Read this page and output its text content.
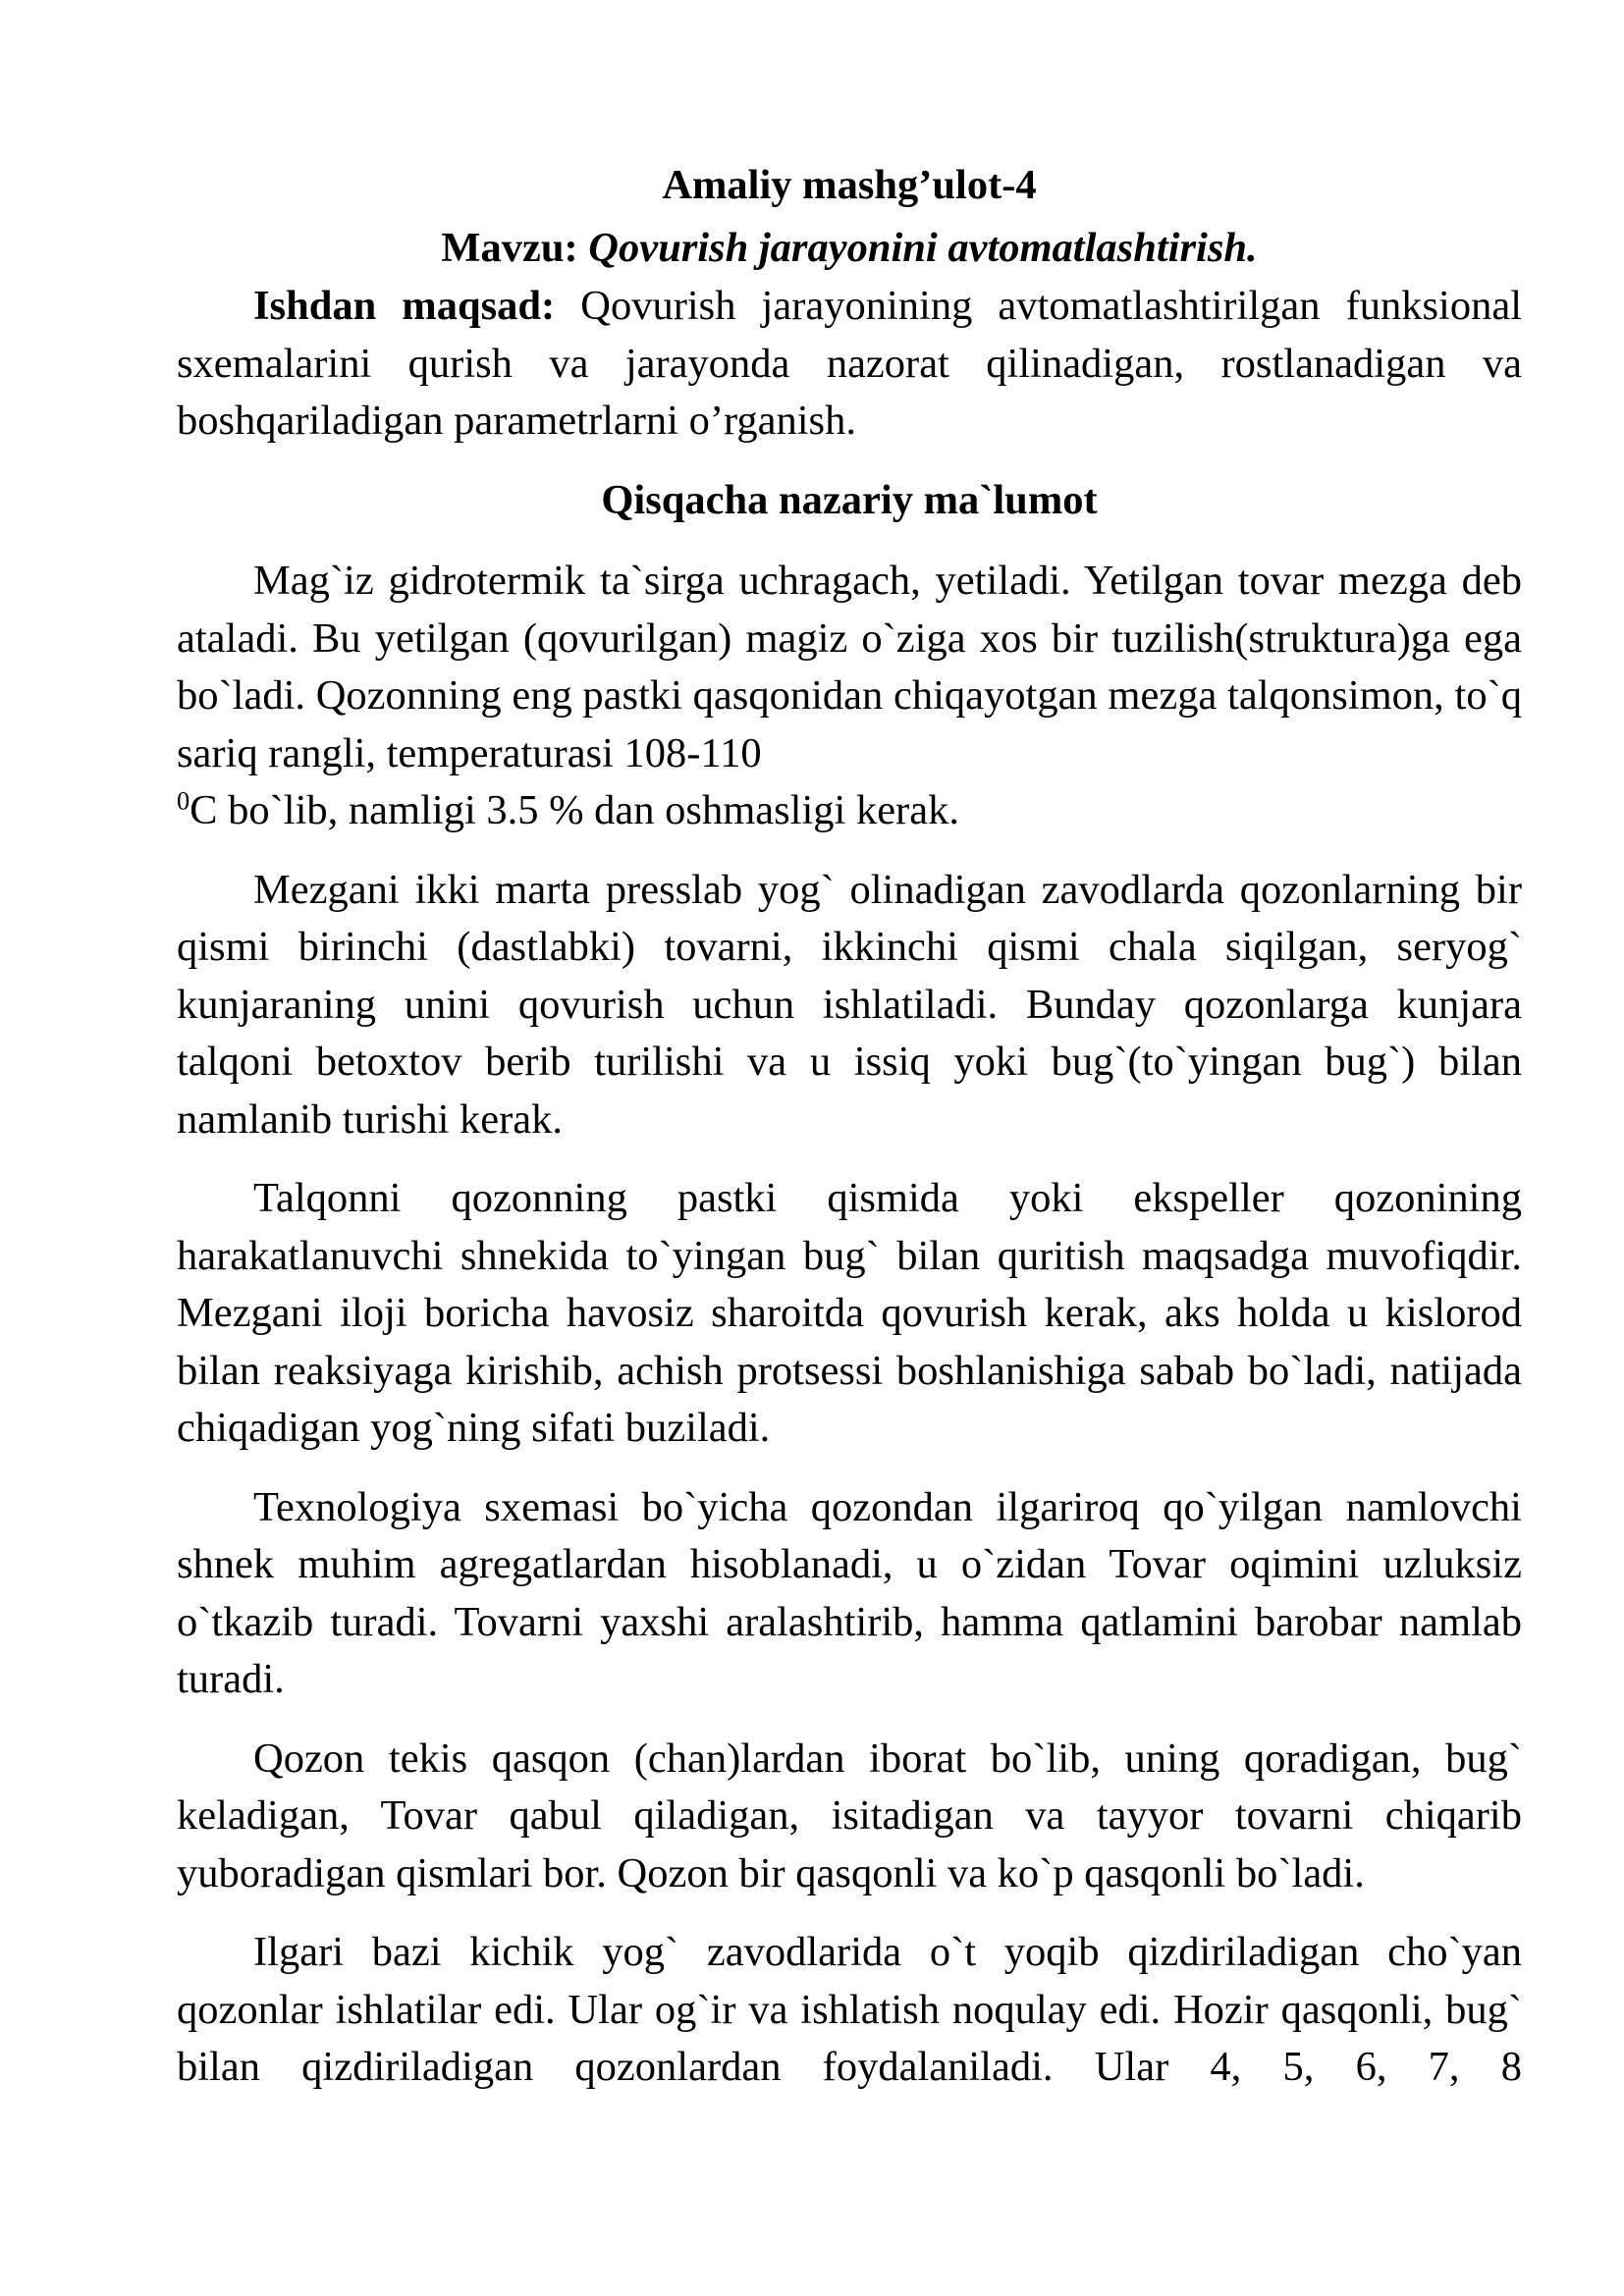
Amaliy mashg’ulot-4
Mavzu: Qovurish jarayonini avtomatlashtirish.

Ishdan maqsad: Qovurish jarayonining avtomatlashtirilgan funksional sxemalarini qurish va jarayonda nazorat qilinadigan, rostlanadigan va boshqariladigan parametrlarni o’rganish.

Qisqacha nazariy ma`lumot

Mag`iz gidrotermik ta`sirga uchragach, yetiladi. Yetilgan tovar mezga deb ataladi. Bu yetilgan (qovurilgan) magiz o`ziga xos bir tuzilish(struktura)ga ega bo`ladi. Qozonning eng pastki qasqonidan chiqayotgan mezga talqonsimon, to`q sariq rangli, temperaturasi 108-110
$^0$C bo`lib, namligi 3.5 % dan oshmasligi kerak.

Mezgani ikki marta presslab yog` olinadigan zavodlarda qozonlarning bir qismi birinchi (dastlabki) tovarni, ikkinchi qismi chala siqilgan, seryog` kunjaraning unini qovurish uchun ishlatiladi. Bunday qozonlarga kunjara talqoni betoxtov berib turilishi va u issiq yoki bug`(to`yingan bug`) bilan namlanib turishi kerak.

Talqonni qozonning pastki qismida yoki ekspeller qozonining harakatlanuvchi shnekida to`yingan bug` bilan quritish maqsadga muvofiqdir. Mezgani iloji boricha havosiz sharoitda qovurish kerak, aks holda u kislorod bilan reaksiyaga kirishib, achish protsessi boshlanishiga sabab bo`ladi, natijada chiqadigan yog`ning sifati buziladi.

Texnologiya sxemasi bo`yicha qozondan ilgariroq qo`yilgan namlovchi shnek muhim agregatlardan hisoblanadi, u o`zidan Tovar oqimini uzluksiz o`tkazib turadi. Tovarni yaxshi aralashtirib, hamma qatlamini barobar namlab turadi.

Qozon tekis qasqon (chan)lardan iborat bo`lib, uning qoradigan, bug` keladigan, Tovar qabul qiladigan, isitadigan va tayyor tovarni chiqarib yuboradigan qismlari bor. Qozon bir qasqonli va ko`p qasqonli bo`ladi.

Ilgari bazi kichik yog` zavodlarida o`t yoqib qizdiriladigan cho`yan qozonlar ishlatilar edi. Ular og`ir va ishlatish noqulay edi. Hozir qasqonli, bug` bilan qizdiriladigan qozonlardan foydalaniladi. Ular 4, 5, 6, 7, 8
